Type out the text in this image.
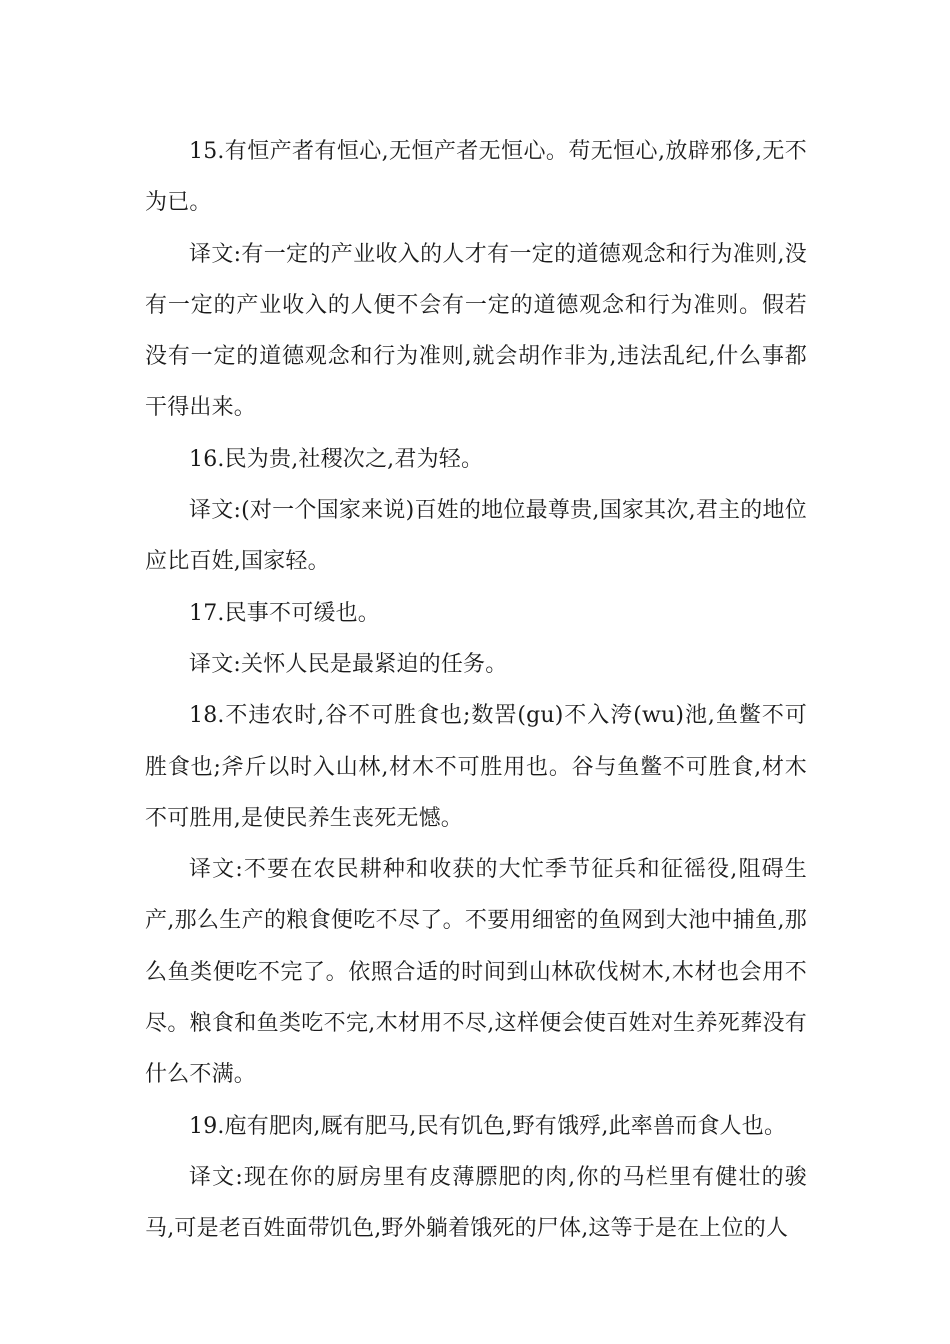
15.有恒产者有恒心,无恒产者无恒心。苟无恒心,放辟邪侈,无不为已。

译文:有一定的产业收入的人才有一定的道德观念和行为准则,没有一定的产业收入的人便不会有一定的道德观念和行为准则。假若没有一定的道德观念和行为准则,就会胡作非为,违法乱纪,什么事都干得出来。

16.民为贵,社稷次之,君为轻。

译文:(对一个国家来说)百姓的地位最尊贵,国家其次,君主的地位应比百姓,国家轻。

17.民事不可缓也。

译文:关怀人民是最紧迫的任务。

18.不违农时,谷不可胜食也;数罟(gu)不入洿(wu)池,鱼鳖不可胜食也;斧斤以时入山林,材木不可胜用也。谷与鱼鳖不可胜食,材木不可胜用,是使民养生丧死无憾。

译文:不要在农民耕种和收获的大忙季节征兵和征徭役,阻碍生产,那么生产的粮食便吃不尽了。不要用细密的鱼网到大池中捕鱼,那么鱼类便吃不完了。依照合适的时间到山林砍伐树木,木材也会用不尽。粮食和鱼类吃不完,木材用不尽,这样便会使百姓对生养死葬没有什么不满。

19.庖有肥肉,厩有肥马,民有饥色,野有饿殍,此率兽而食人也。

译文:现在你的厨房里有皮薄膘肥的肉,你的马栏里有健壮的骏马,可是老百姓面带饥色,野外躺着饿死的尸体,这等于是在上位的人
